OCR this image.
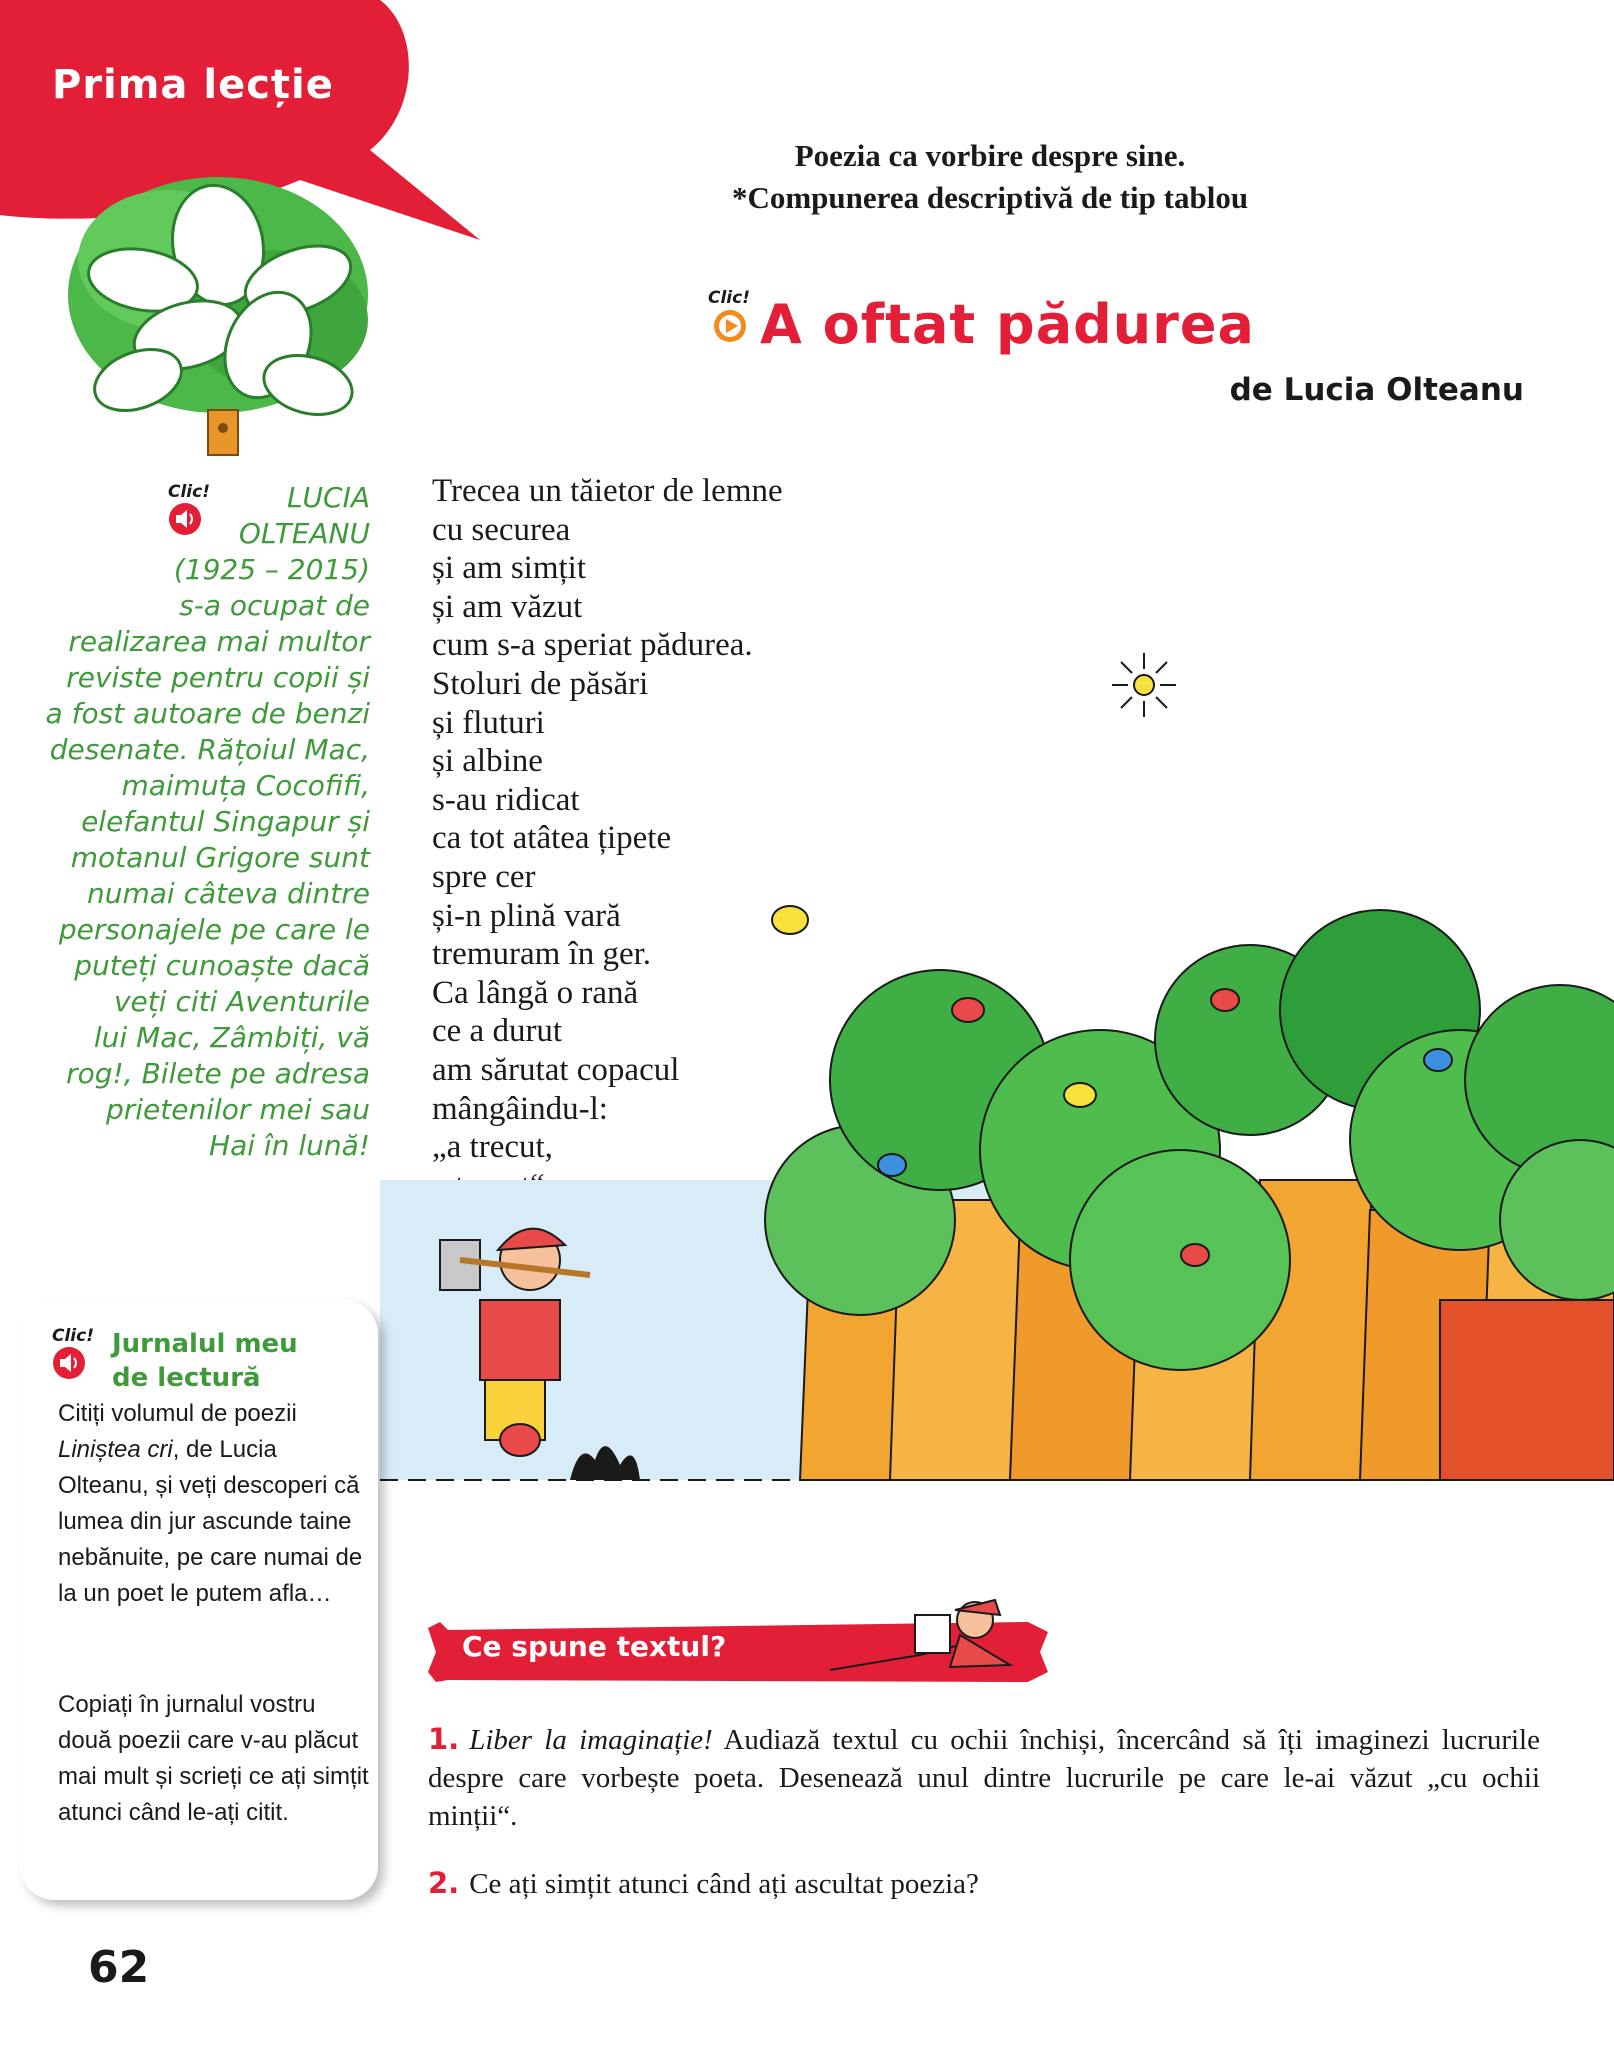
Prima lecție
Poezia ca vorbire despre sine.
*Compunerea descriptivă de tip tablou
Clic! A oftat pădurea
de Lucia Olteanu
Clic!	LUCIA
OLTEANU
(1925 – 2015)
s-a ocupat de
realizarea mai multor
reviste pentru copii și
a fost autoare de benzi
desenate. Rățoiul Mac,
maimuța Cocofifi,
elefantul Singapur și
motanul Grigore sunt
numai câteva dintre
personajele pe care le
puteți cunoaște dacă
veți citi Aventurile
lui Mac, Zâmbiți, vă
rog!, Bilete pe adresa
prietenilor mei sau
Hai în lună!
Trecea un tăietor de lemne
cu securea
și am simțit
și am văzut
cum s-a speriat pădurea.
Stoluri de păsări
și fluturi
și albine
s-au ridicat
ca tot atâtea țipete
spre cer
și-n plină vară
tremuram în ger.
Ca lângă o rană
ce a durut
am sărutat copacul
mângâindu-l:
„a trecut,
Clic! Jurnalul meu
de lectură
Citiți volumul de poezii Liniștea cri, de Lucia Olteanu, și veți descoperi că lumea din jur ascunde taine nebănuite, pe care numai de la un poet le putem afla…
Copiați în jurnalul vostru două poezii care v-au plăcut mai mult și scrieți ce ați simțit atunci când le-ați citit.
62
Ce spune textul?
1. Liber la imaginație! Audiază textul cu ochii închiși, încercând să îți imaginezi lucrurile despre care vorbește poeta. Desenează unul dintre lucrurile pe care le-ai văzut „cu ochii minții“.
2. Ce ați simțit atunci când ați ascultat poezia?
